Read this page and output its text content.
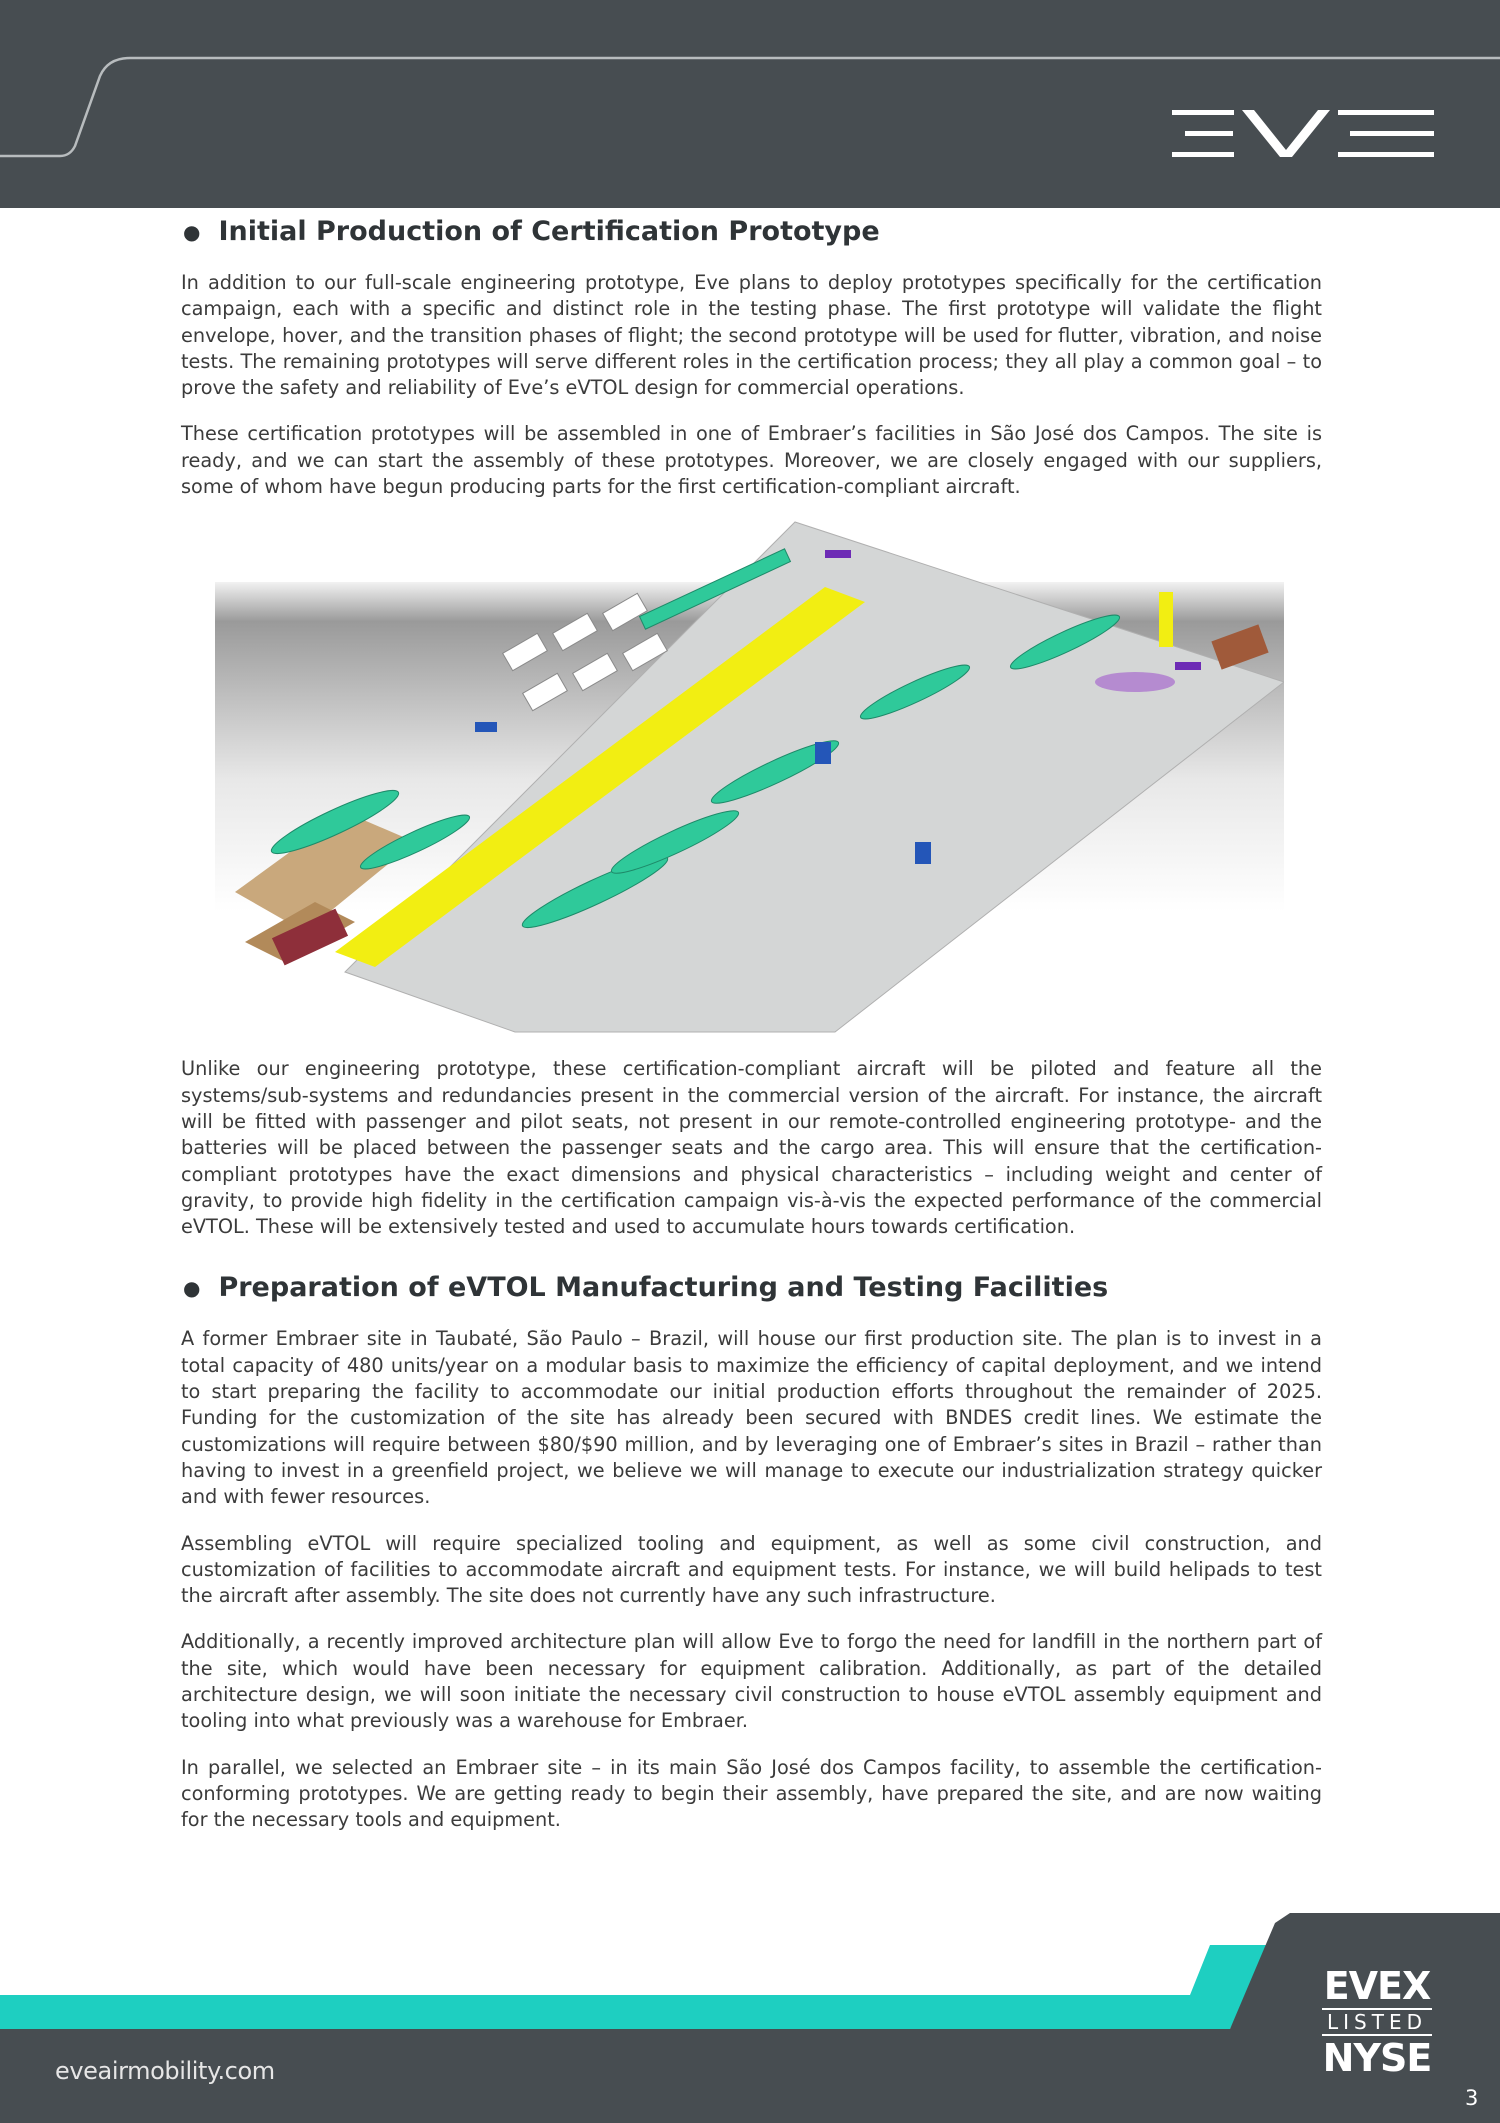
● Initial Production of Certification Prototype

In addition to our full-scale engineering prototype, Eve plans to deploy prototypes specifically for the certification campaign, each with a specific and distinct role in the testing phase. The first prototype will validate the flight envelope, hover, and the transition phases of flight; the second prototype will be used for flutter, vibration, and noise tests. The remaining prototypes will serve different roles in the certification process; they all play a common goal – to prove the safety and reliability of Eve’s eVTOL design for commercial operations.

These certification prototypes will be assembled in one of Embraer’s facilities in São José dos Campos. The site is ready, and we can start the assembly of these prototypes. Moreover, we are closely engaged with our suppliers, some of whom have begun producing parts for the first certification-compliant aircraft.

Unlike our engineering prototype, these certification-compliant aircraft will be piloted and feature all the systems/sub-systems and redundancies present in the commercial version of the aircraft. For instance, the aircraft will be fitted with passenger and pilot seats, not present in our remote-controlled engineering prototype- and the batteries will be placed between the passenger seats and the cargo area. This will ensure that the certification-compliant prototypes have the exact dimensions and physical characteristics – including weight and center of gravity, to provide high fidelity in the certification campaign vis-à-vis the expected performance of the commercial eVTOL. These will be extensively tested and used to accumulate hours towards certification.

● Preparation of eVTOL Manufacturing and Testing Facilities

A former Embraer site in Taubaté, São Paulo – Brazil, will house our first production site. The plan is to invest in a total capacity of 480 units/year on a modular basis to maximize the efficiency of capital deployment, and we intend to start preparing the facility to accommodate our initial production efforts throughout the remainder of 2025. Funding for the customization of the site has already been secured with BNDES credit lines. We estimate the customizations will require between $80/$90 million, and by leveraging one of Embraer’s sites in Brazil – rather than having to invest in a greenfield project, we believe we will manage to execute our industrialization strategy quicker and with fewer resources.

Assembling eVTOL will require specialized tooling and equipment, as well as some civil construction, and customization of facilities to accommodate aircraft and equipment tests. For instance, we will build helipads to test the aircraft after assembly. The site does not currently have any such infrastructure.

Additionally, a recently improved architecture plan will allow Eve to forgo the need for landfill in the northern part of the site, which would have been necessary for equipment calibration. Additionally, as part of the detailed architecture design, we will soon initiate the necessary civil construction to house eVTOL assembly equipment and tooling into what previously was a warehouse for Embraer.

In parallel, we selected an Embraer site – in its main São José dos Campos facility, to assemble the certification-conforming prototypes. We are getting ready to begin their assembly, have prepared the site, and are now waiting for the necessary tools and equipment.

eveairmobility.com
EVEX
LISTED
NYSE
3
